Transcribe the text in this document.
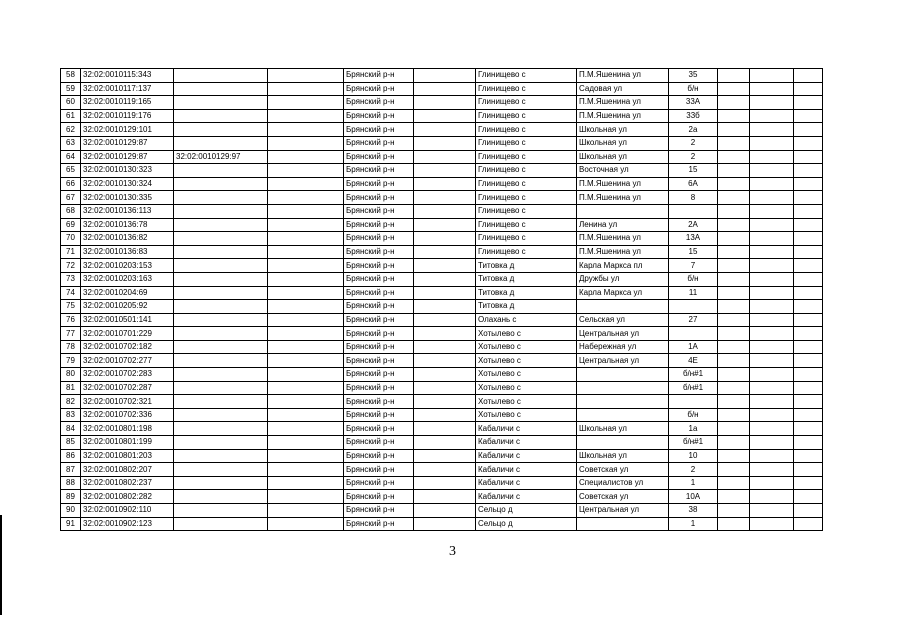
58	32:02:0010115:343			Брянский р-н		Глинищево с	П.М.Яшенина ул	35			
59	32:02:0010117:137			Брянский р-н		Глинищево с	Садовая ул	б/н			
60	32:02:0010119:165			Брянский р-н		Глинищево с	П.М.Яшенина ул	33А			
61	32:02:0010119:176			Брянский р-н		Глинищево с	П.М.Яшенина ул	33б			
62	32:02:0010129:101			Брянский р-н		Глинищево с	Школьная ул	2а			
63	32:02:0010129:87			Брянский р-н		Глинищево с	Школьная ул	2			
64	32:02:0010129:87	32:02:0010129:97		Брянский р-н		Глинищево с	Школьная ул	2			
65	32:02:0010130:323			Брянский р-н		Глинищево с	Восточная ул	15			
66	32:02:0010130:324			Брянский р-н		Глинищево с	П.М.Яшенина ул	6А			
67	32:02:0010130:335			Брянский р-н		Глинищево с	П.М.Яшенина ул	8			
68	32:02:0010136:113			Брянский р-н		Глинищево с					
69	32:02:0010136:78			Брянский р-н		Глинищево с	Ленина ул	2А			
70	32:02:0010136:82			Брянский р-н		Глинищево с	П.М.Яшенина ул	13А			
71	32:02:0010136:83			Брянский р-н		Глинищево с	П.М.Яшенина ул	15			
72	32:02:0010203:153			Брянский р-н		Титовка д	Карла Маркса пл	7			
73	32:02:0010203:163			Брянский р-н		Титовка д	Дружбы ул	б/н			
74	32:02:0010204:69			Брянский р-н		Титовка д	Карла Маркса ул	11			
75	32:02:0010205:92			Брянский р-н		Титовка д					
76	32:02:0010501:141			Брянский р-н		Олахань с	Сельская ул	27			
77	32:02:0010701:229			Брянский р-н		Хотылево с	Центральная ул				
78	32:02:0010702:182			Брянский р-н		Хотылево с	Набережная ул	1А			
79	32:02:0010702:277			Брянский р-н		Хотылево с	Центральная ул	4Е			
80	32:02:0010702:283			Брянский р-н		Хотылево с		б/н#1			
81	32:02:0010702:287			Брянский р-н		Хотылево с		б/н#1			
82	32:02:0010702:321			Брянский р-н		Хотылево с					
83	32:02:0010702:336			Брянский р-н		Хотылево с		б/н			
84	32:02:0010801:198			Брянский р-н		Кабаличи с	Школьная ул	1а			
85	32:02:0010801:199			Брянский р-н		Кабаличи с		б/н#1			
86	32:02:0010801:203			Брянский р-н		Кабаличи с	Школьная ул	10			
87	32:02:0010802:207			Брянский р-н		Кабаличи с	Советская ул	2			
88	32:02:0010802:237			Брянский р-н		Кабаличи с	Специалистов ул	1			
89	32:02:0010802:282			Брянский р-н		Кабаличи с	Советская ул	10А			
90	32:02:0010902:110			Брянский р-н		Сельцо д	Центральная ул	38			
91	32:02:0010902:123			Брянский р-н		Сельцо д		1			
3
